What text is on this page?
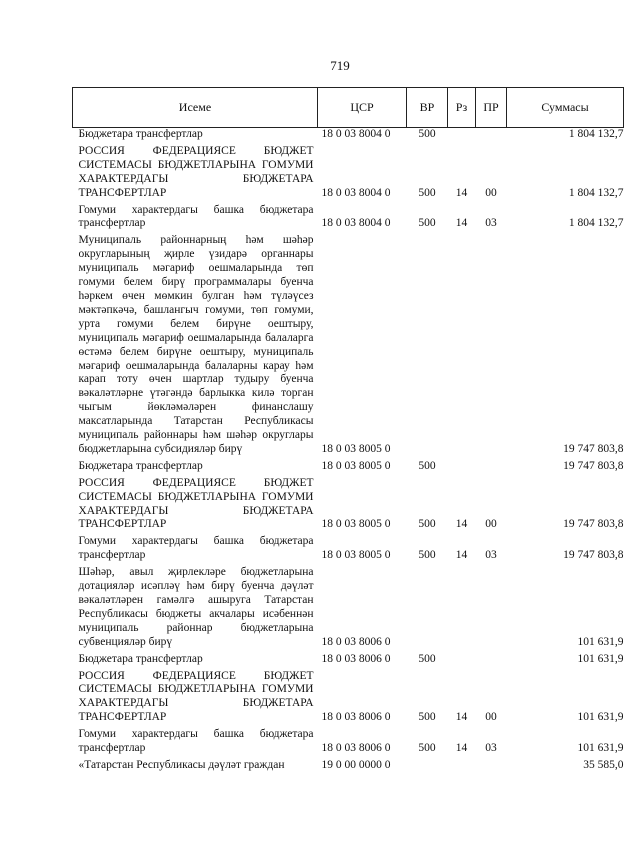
719
Исеме	ЦСР	ВР	Рз	ПР	Суммасы
Бюджетара трансфертлар	18 0 03 8004 0	500			1 804 132,7
РОССИЯ ФЕДЕРАЦИЯСЕ БЮДЖЕТ СИСТЕМАСЫ БЮДЖЕТЛАРЫНА ГОМУМИ ХАРАКТЕРДАГЫ БЮДЖЕТАРА ТРАНСФЕРТЛАР	18 0 03 8004 0	500	14	00	1 804 132,7
Гомуми характердагы башка бюджетара трансфертлар	18 0 03 8004 0	500	14	03	1 804 132,7
Муниципаль районнарның һәм шәһәр округларының җирле үзидарә органнары муниципаль мәгариф оешмаларында төп гомуми белем бирү программалары буенча һәркем өчен мөмкин булган һәм түләүсез мәктәпкәчә, башлангыч гомуми, төп гомуми, урта гомуми белем бирүне оештыру, муниципаль мәгариф оешмаларында балаларга өстәмә белем бирүне оештыру, муниципаль мәгариф оешмаларында балаларны карау һәм карап тоту өчен шартлар тудыру буенча вәкаләтләрне үтәгәндә барлыкка килә торган чыгым йөкләмәләрен финанслашу максатларында Татарстан Республикасы муниципаль районнары һәм шәһәр округлары бюджетларына субсидияләр бирү	18 0 03 8005 0				19 747 803,8
Бюджетара трансфертлар	18 0 03 8005 0	500			19 747 803,8
РОССИЯ ФЕДЕРАЦИЯСЕ БЮДЖЕТ СИСТЕМАСЫ БЮДЖЕТЛАРЫНА ГОМУМИ ХАРАКТЕРДАГЫ БЮДЖЕТАРА ТРАНСФЕРТЛАР	18 0 03 8005 0	500	14	00	19 747 803,8
Гомуми характердагы башка бюджетара трансфертлар	18 0 03 8005 0	500	14	03	19 747 803,8
Шәһәр, авыл җирлекләре бюджетларына дотацияләр исәпләү һәм бирү буенча дәүләт вәкаләтләрен гамәлгә ашыруга Татарстан Республикасы бюджеты акчалары исәбеннән муниципаль районнар бюджетларына субвенцияләр бирү	18 0 03 8006 0				101 631,9
Бюджетара трансфертлар	18 0 03 8006 0	500			101 631,9
РОССИЯ ФЕДЕРАЦИЯСЕ БЮДЖЕТ СИСТЕМАСЫ БЮДЖЕТЛАРЫНА ГОМУМИ ХАРАКТЕРДАГЫ БЮДЖЕТАРА ТРАНСФЕРТЛАР	18 0 03 8006 0	500	14	00	101 631,9
Гомуми характердагы башка бюджетара трансфертлар	18 0 03 8006 0	500	14	03	101 631,9
«Татарстан Республикасы дәүләт граждан	19 0 00 0000 0				35 585,0
